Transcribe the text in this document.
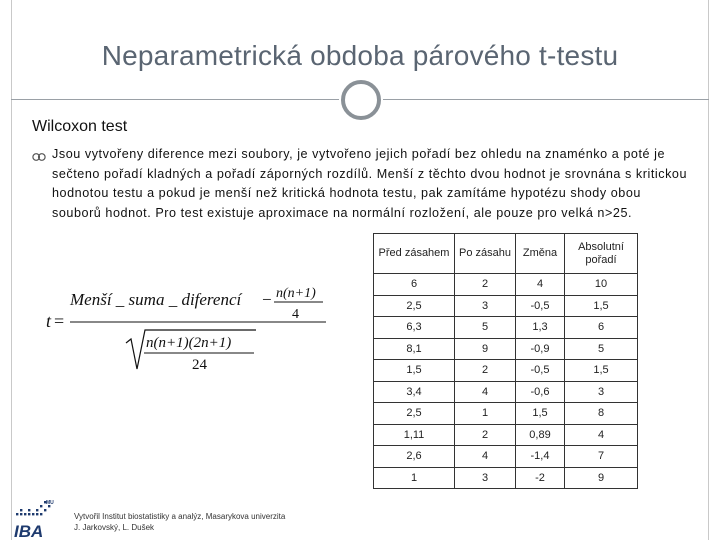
Neparametrická obdoba párového t-testu
Wilcoxon test
Jsou vytvořeny diference mezi soubory, je vytvořeno jejich pořadí bez ohledu na znaménko a poté je sečteno pořadí kladných a pořadí záporných rozdílů. Menší z těchto dvou hodnot je srovnána s kritickou hodnotou testu a pokud je menší než kritická hodnota testu, pak zamítáme hypotézu shody obou souborů hodnot. Pro test existuje aproximace na normální rozložení, ale pouze pro velká n>25.
t =
Menší _ suma _ diferencí − n(n+1)
4
n(n+1)(2n+1)
24
Před zásahem	Po zásahu	Změna	Absolutní pořadí
6	2	4	10
2,5	3	-0,5	1,5
6,3	5	1,3	6
8,1	9	-0,9	5
1,5	2	-0,5	1,5
3,4	4	-0,6	3
2,5	1	1,5	8
1,11	2	0,89	4
2,6	4	-1,4	7
1	3	-2	9
MU
IBA
Vytvořil Institut biostatistiky a analýz, Masarykova univerzita
J. Jarkovský, L. Dušek
